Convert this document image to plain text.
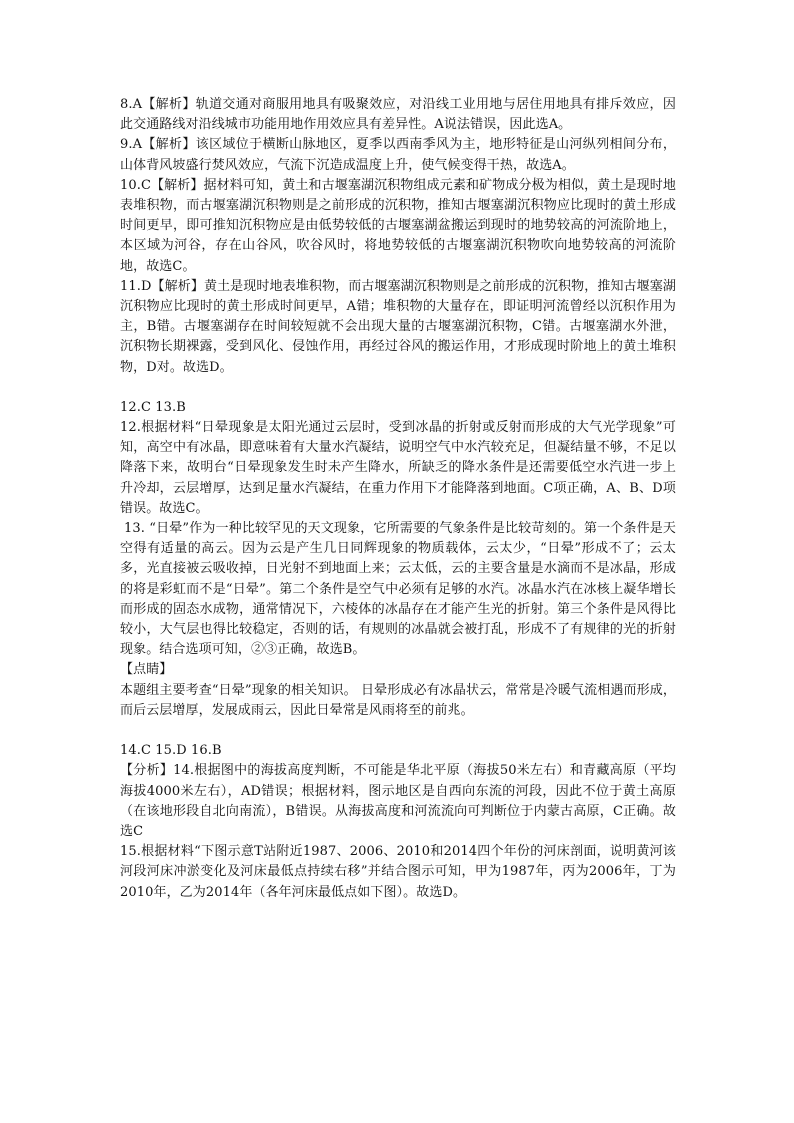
8.A【解析】轨道交通对商服用地具有吸聚效应，对沿线工业用地与居住用地具有排斥效应，因此交通路线对沿线城市功能用地作用效应具有差异性。A说法错误，因此选A。

9.A【解析】该区域位于横断山脉地区，夏季以西南季风为主，地形特征是山河纵列相间分布，山体背风坡盛行焚风效应，气流下沉造成温度上升，使气候变得干热，故选A。

10.C【解析】据材料可知，黄土和古堰塞湖沉积物组成元素和矿物成分极为相似，黄土是现时地表堆积物，而古堰塞湖沉积物则是之前形成的沉积物，推知古堰塞湖沉积物应比现时的黄土形成时间更早，即可推知沉积物应是由低势较低的古堰塞湖盆搬运到现时的地势较高的河流阶地上，本区域为河谷，存在山谷风，吹谷风时，将地势较低的古堰塞湖沉积物吹向地势较高的河流阶地，故选C。

11.D【解析】黄土是现时地表堆积物，而古堰塞湖沉积物则是之前形成的沉积物，推知古堰塞湖沉积物应比现时的黄土形成时间更早，A错；堆积物的大量存在，即证明河流曾经以沉积作用为主，B错。古堰塞湖存在时间较短就不会出现大量的古堰塞湖沉积物，C错。古堰塞湖水外泄，沉积物长期裸露，受到风化、侵蚀作用，再经过谷风的搬运作用，才形成现时阶地上的黄土堆积物，D对。故选D。

12.C 13.B

12.根据材料“日晕现象是太阳光通过云层时，受到冰晶的折射或反射而形成的大气光学现象”可知，高空中有冰晶，即意味着有大量水汽凝结，说明空气中水汽较充足，但凝结量不够，不足以降落下来，故明台“日晕现象发生时未产生降水，所缺乏的降水条件是还需要低空水汽进一步上升冷却，云层增厚，达到足量水汽凝结，在重力作用下才能降落到地面。C项正确，A、B、D项错误。故选C。

13. “日晕”作为一种比较罕见的天文现象，它所需要的气象条件是比较苛刻的。第一个条件是天空得有适量的高云。因为云是产生几日同辉现象的物质载体，云太少，“日晕”形成不了；云太多，光直接被云吸收掉，日光射不到地面上来；云太低，云的主要含量是水滴而不是冰晶，形成的将是彩虹而不是“日晕”。第二个条件是空气中必须有足够的水汽。冰晶水汽在冰核上凝华增长而形成的固态水成物，通常情况下，六棱体的冰晶存在才能产生光的折射。第三个条件是风得比较小，大气层也得比较稳定，否则的话，有规则的冰晶就会被打乱，形成不了有规律的光的折射现象。结合选项可知，②③正确，故选B。

【点睛】

本题组主要考查“日晕”现象的相关知识。 日晕形成必有冰晶状云，常常是冷暖气流相遇而形成，而后云层增厚，发展成雨云，因此日晕常是风雨将至的前兆。

14.C 15.D 16.B

【分析】14.根据图中的海拔高度判断，不可能是华北平原（海拔50米左右）和青藏高原（平均海拔4000米左右），AD错误；根据材料，图示地区是自西向东流的河段，因此不位于黄土高原（在该地形段自北向南流），B错误。从海拔高度和河流流向可判断位于内蒙古高原，C正确。故选C

15.根据材料“下图示意T站附近1987、2006、2010和2014四个年份的河床剖面，说明黄河该河段河床冲淤变化及河床最低点持续右移”并结合图示可知，甲为1987年，丙为2006年，丁为2010年，乙为2014年（各年河床最低点如下图）。故选D。
